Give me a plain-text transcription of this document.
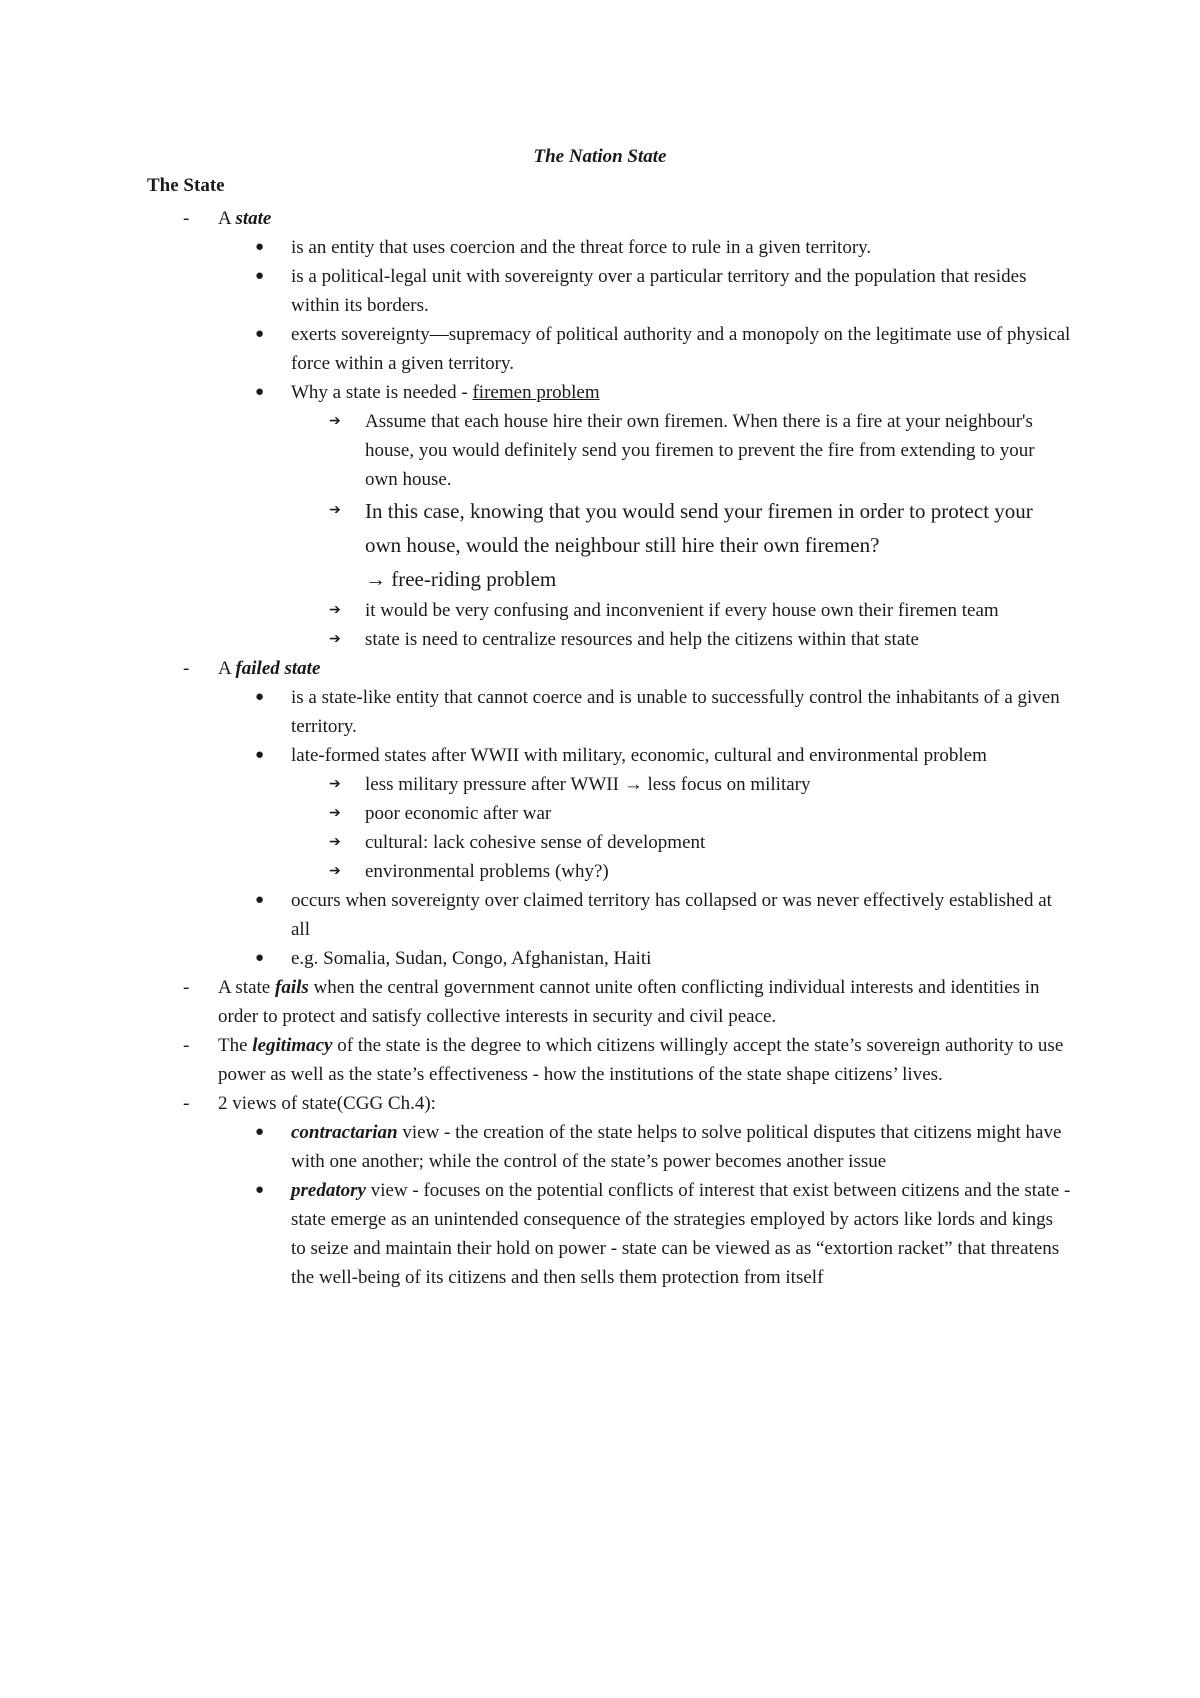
The Nation State
The State
- A state
● is an entity that uses coercion and the threat force to rule in a given territory.
● is a political-legal unit with sovereignty over a particular territory and the population that resides within its borders.
● exerts sovereignty—supremacy of political authority and a monopoly on the legitimate use of physical force within a given territory.
● Why a state is needed - firemen problem
➔ Assume that each house hire their own firemen. When there is a fire at your neighbour's house, you would definitely send you firemen to prevent the fire from extending to your own house.
➔ In this case, knowing that you would send your firemen in order to protect your own house, would the neighbour still hire their own firemen?
→ free-riding problem
➔ it would be very confusing and inconvenient if every house own their firemen team
➔ state is need to centralize resources and help the citizens within that state
- A failed state
● is a state-like entity that cannot coerce and is unable to successfully control the inhabitants of a given territory.
● late-formed states after WWII with military, economic, cultural and environmental problem
➔ less military pressure after WWII → less focus on military
➔ poor economic after war
➔ cultural: lack cohesive sense of development
➔ environmental problems (why?)
● occurs when sovereignty over claimed territory has collapsed or was never effectively established at all
● e.g. Somalia, Sudan, Congo, Afghanistan, Haiti
- A state fails when the central government cannot unite often conflicting individual interests and identities in order to protect and satisfy collective interests in security and civil peace.
- The legitimacy of the state is the degree to which citizens willingly accept the state’s sovereign authority to use power as well as the state’s effectiveness - how the institutions of the state shape citizens’ lives.
- 2 views of state(CGG Ch.4):
● contractarian view - the creation of the state helps to solve political disputes that citizens might have with one another; while the control of the state’s power becomes another issue
● predatory view - focuses on the potential conflicts of interest that exist between citizens and the state - state emerge as an unintended consequence of the strategies employed by actors like lords and kings to seize and maintain their hold on power - state can be viewed as as “extortion racket” that threatens the well-being of its citizens and then sells them protection from itself
